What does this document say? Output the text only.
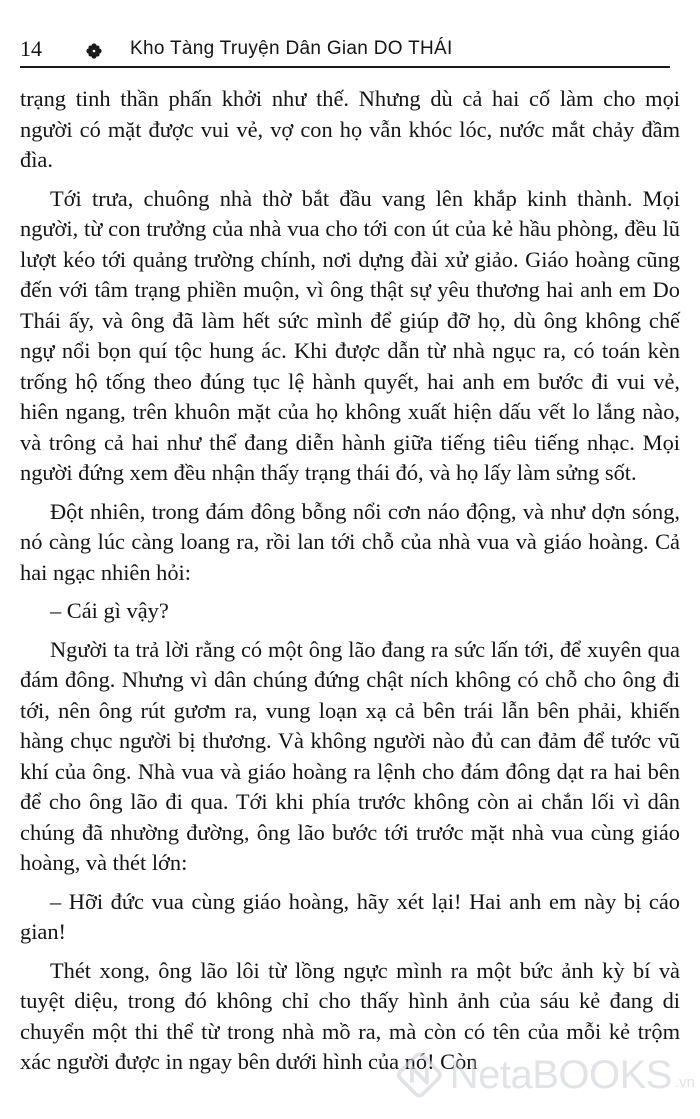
14	Kho Tàng Truyện Dân Gian DO THÁI

trạng tinh thần phấn khởi như thế. Nhưng dù cả hai cố làm cho mọi người có mặt được vui vẻ, vợ con họ vẫn khóc lóc, nước mắt chảy đầm đìa.

Tới trưa, chuông nhà thờ bắt đầu vang lên khắp kinh thành. Mọi người, từ con trưởng của nhà vua cho tới con út của kẻ hầu phòng, đều lũ lượt kéo tới quảng trường chính, nơi dựng đài xử giảo. Giáo hoàng cũng đến với tâm trạng phiền muộn, vì ông thật sự yêu thương hai anh em Do Thái ấy, và ông đã làm hết sức mình để giúp đỡ họ, dù ông không chế ngự nổi bọn quí tộc hung ác. Khi được dẫn từ nhà ngục ra, có toán kèn trống hộ tống theo đúng tục lệ hành quyết, hai anh em bước đi vui vẻ, hiên ngang, trên khuôn mặt của họ không xuất hiện dấu vết lo lắng nào, và trông cả hai như thể đang diễn hành giữa tiếng tiêu tiếng nhạc. Mọi người đứng xem đều nhận thấy trạng thái đó, và họ lấy làm sửng sốt.

Đột nhiên, trong đám đông bỗng nổi cơn náo động, và như dợn sóng, nó càng lúc càng loang ra, rồi lan tới chỗ của nhà vua và giáo hoàng. Cả hai ngạc nhiên hỏi:

– Cái gì vậy?

Người ta trả lời rằng có một ông lão đang ra sức lấn tới, để xuyên qua đám đông. Nhưng vì dân chúng đứng chật ních không có chỗ cho ông đi tới, nên ông rút gươm ra, vung loạn xạ cả bên trái lẫn bên phải, khiến hàng chục người bị thương. Và không người nào đủ can đảm để tước vũ khí của ông. Nhà vua và giáo hoàng ra lệnh cho đám đông dạt ra hai bên để cho ông lão đi qua. Tới khi phía trước không còn ai chắn lối vì dân chúng đã nhường đường, ông lão bước tới trước mặt nhà vua cùng giáo hoàng, và thét lớn:

– Hỡi đức vua cùng giáo hoàng, hãy xét lại! Hai anh em này bị cáo gian!

Thét xong, ông lão lôi từ lồng ngực mình ra một bức ảnh kỳ bí và tuyệt diệu, trong đó không chỉ cho thấy hình ảnh của sáu kẻ đang di chuyển một thi thể từ trong nhà mồ ra, mà còn có tên của mỗi kẻ trộm xác người được in ngay bên dưới hình của nó! Còn

NetaBOOKS .vn
